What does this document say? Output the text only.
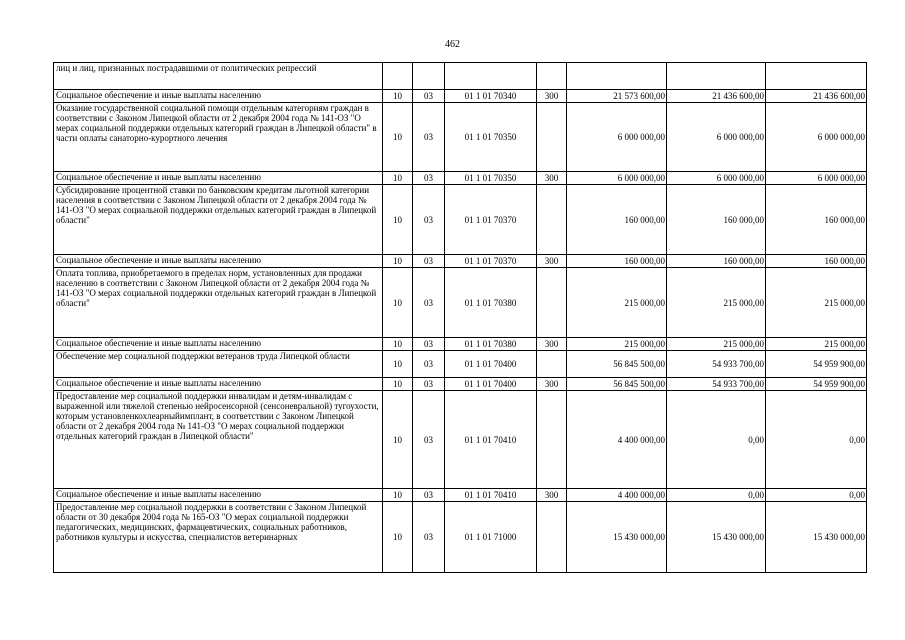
462
лиц и лиц, признанных пострадавшими от политических репрессий							
Социальное обеспечение и иные выплаты населению	10	03	01 1 01 70340	300	21 573 600,00	21 436 600,00	21 436 600,00
Оказание государственной социальной помощи отдельным категориям граждан в соответствии с Законом Липецкой области от 2 декабря 2004 года № 141-ОЗ "О мерах социальной поддержки отдельных категорий граждан в Липецкой области" в части оплаты санаторно-курортного лечения	10	03	01 1 01 70350		6 000 000,00	6 000 000,00	6 000 000,00
Социальное обеспечение и иные выплаты населению	10	03	01 1 01 70350	300	6 000 000,00	6 000 000,00	6 000 000,00
Субсидирование процентной ставки по банковским кредитам льготной категории населения в соответствии с Законом Липецкой области от 2 декабря 2004 года № 141-ОЗ "О мерах социальной поддержки отдельных категорий граждан в Липецкой области"	10	03	01 1 01 70370		160 000,00	160 000,00	160 000,00
Социальное обеспечение и иные выплаты населению	10	03	01 1 01 70370	300	160 000,00	160 000,00	160 000,00
Оплата топлива, приобретаемого в пределах норм, установленных для продажи населению в соответствии с Законом Липецкой области от 2 декабря 2004 года № 141-ОЗ "О мерах социальной поддержки отдельных категорий граждан в Липецкой области"	10	03	01 1 01 70380		215 000,00	215 000,00	215 000,00
Социальное обеспечение и иные выплаты населению	10	03	01 1 01 70380	300	215 000,00	215 000,00	215 000,00
Обеспечение мер социальной поддержки ветеранов труда Липецкой области	10	03	01 1 01 70400		56 845 500,00	54 933 700,00	54 959 900,00
Социальное обеспечение и иные выплаты населению	10	03	01 1 01 70400	300	56 845 500,00	54 933 700,00	54 959 900,00
Предоставление мер социальной поддержки инвалидам и детям-инвалидам с выраженной или тяжелой степенью нейросенсорной (сенсоневральной) тугоухости, которым установленкохлеарныйимплант, в соответствии с Законом Липецкой области от 2 декабря 2004 года № 141-ОЗ "О мерах социальной поддержки отдельных категорий граждан в Липецкой области"	10	03	01 1 01 70410		4 400 000,00	0,00	0,00
Социальное обеспечение и иные выплаты населению	10	03	01 1 01 70410	300	4 400 000,00	0,00	0,00
Предоставление мер социальной поддержки в соответствии с Законом Липецкой области от 30 декабря 2004 года № 165-ОЗ "О мерах социальной поддержки педагогических, медицинских, фармацевтических, социальных работников, работников культуры и искусства, специалистов ветеринарных	10	03	01 1 01 71000		15 430 000,00	15 430 000,00	15 430 000,00
